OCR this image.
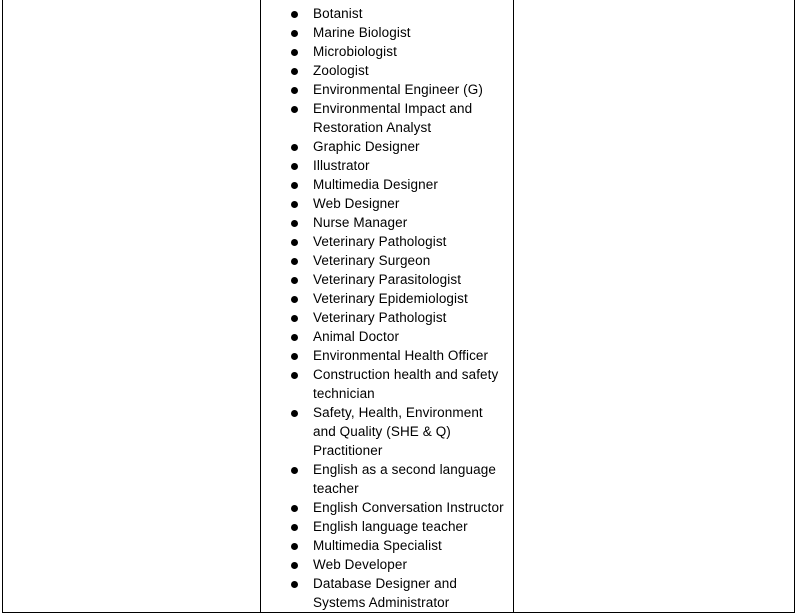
Botanist
Marine Biologist
Microbiologist
Zoologist
Environmental Engineer (G)
Environmental Impact and Restoration Analyst
Graphic Designer
Illustrator
Multimedia Designer
Web Designer
Nurse Manager
Veterinary Pathologist
Veterinary Surgeon
Veterinary Parasitologist
Veterinary Epidemiologist
Veterinary Pathologist
Animal Doctor
Environmental Health Officer
Construction health and safety technician
Safety, Health, Environment and Quality (SHE & Q) Practitioner
English as a second language teacher
English Conversation Instructor
English language teacher
Multimedia Specialist
Web Developer
Database Designer and Systems Administrator
